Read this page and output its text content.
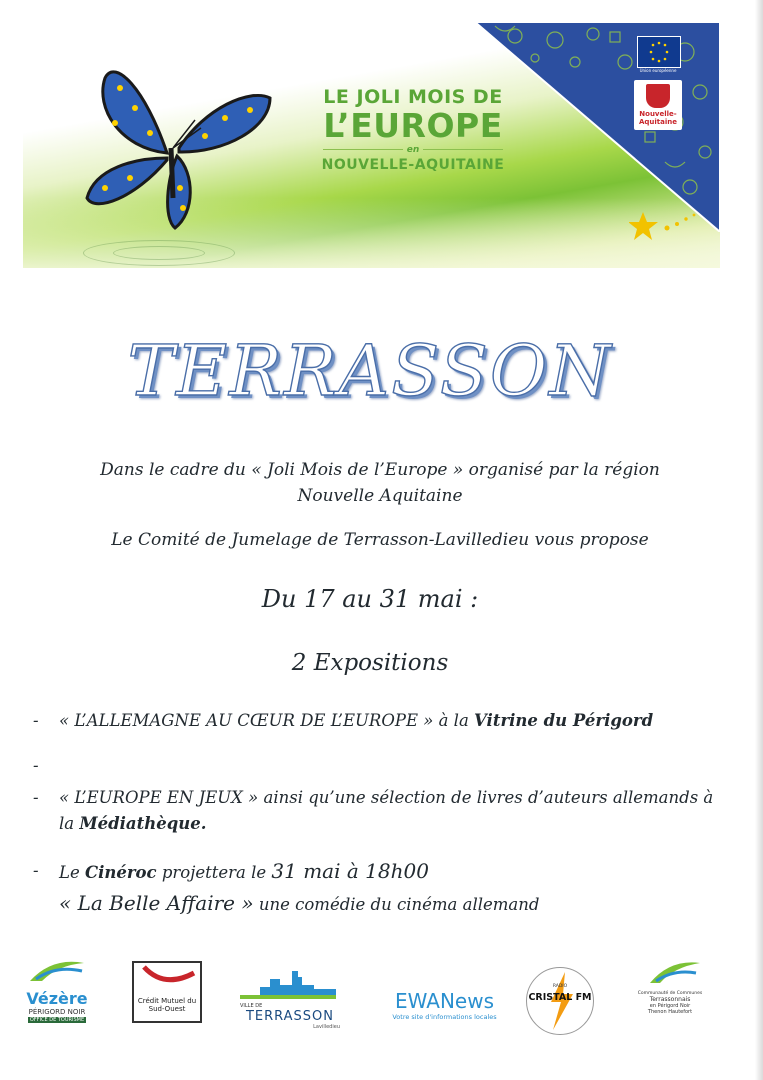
Union européenne
Nouvelle-Aquitaine
LE JOLI MOIS DE
L’EUROPE
en
NOUVELLE-AQUITAINE
TERRASSON
Dans le cadre du « Joli Mois de l’Europe » organisé par la région
Nouvelle Aquitaine
Le Comité de Jumelage de Terrasson-Lavilledieu vous propose
Du 17 au 31 mai :
2 Expositions
- « L’ALLEMAGNE AU CŒUR DE L’EUROPE » à la Vitrine du Périgord
-
- « L’EUROPE EN JEUX » ainsi qu’une sélection de livres d’auteurs allemands à la Médiathèque.
- Le Cinéroc projettera le 31 mai à 18h00
« La Belle Affaire » une comédie du cinéma allemand
Vézère
PÉRIGORD NOIR
OFFICE DE TOURISME
Crédit Mutuel du Sud-Ouest	VILLE DE
TERRASSON
Lavilledieu
EWANews
Votre site d'informations locales
RADIO
CRISTAL FM	Communauté de Communes
Terrassonnais
en Périgord Noir
Thenon Hautefort
